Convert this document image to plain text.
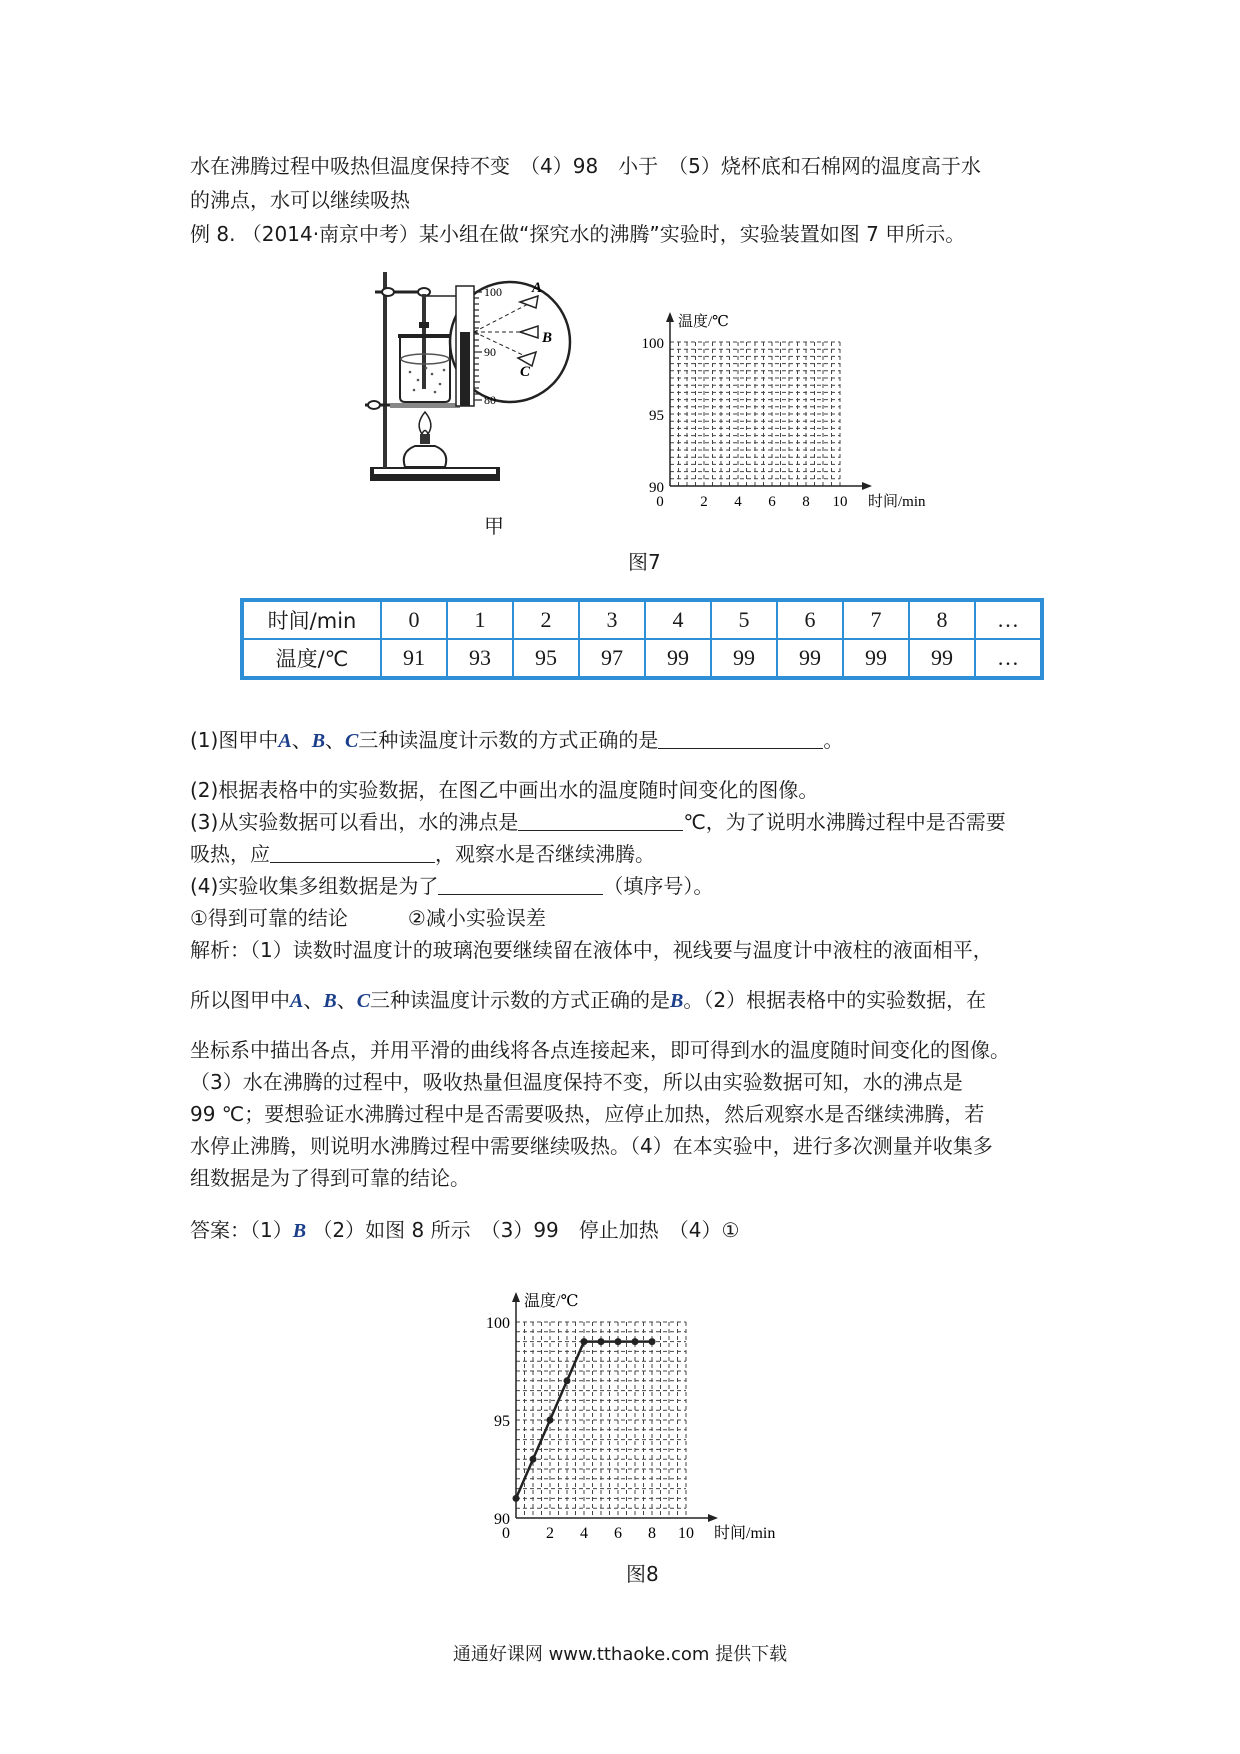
水在沸腾过程中吸热但温度保持不变　（4）98　小于　（5）烧杯底和石棉网的温度高于水
的沸点，水可以继续吸热
例 8. （2014·南京中考）某小组在做“探究水的沸腾”实验时，实验装置如图 7 甲所示。
100
90
80
A
B
C
甲
温度/℃
时间/min
100
95
90
0 2 4 6 8 10
图7
时间/min	0	1	2	3	4	5	6	7	8	…
温度/℃	91	93	95	97	99	99	99	99	99	…
(1)图甲中A、B、C三种读温度计示数的方式正确的是	。
(2)根据表格中的实验数据，在图乙中画出水的温度随时间变化的图像。
(3)从实验数据可以看出，水的沸点是	℃，为了说明水沸腾过程中是否需要
吸热，应	，观察水是否继续沸腾。
(4)实验收集多组数据是为了	（填序号）。
①得到可靠的结论　　　②减小实验误差
解析：（1）读数时温度计的玻璃泡要继续留在液体中，视线要与温度计中液柱的液面相平，
所以图甲中A、B、C三种读温度计示数的方式正确的是B。（2）根据表格中的实验数据，在
坐标系中描出各点，并用平滑的曲线将各点连接起来，即可得到水的温度随时间变化的图像。
（3）水在沸腾的过程中，吸收热量但温度保持不变，所以由实验数据可知，水的沸点是
99 ℃；要想验证水沸腾过程中是否需要吸热，应停止加热，然后观察水是否继续沸腾，若
水停止沸腾，则说明水沸腾过程中需要继续吸热。（4）在本实验中，进行多次测量并收集多
组数据是为了得到可靠的结论。
答案：（1）B （2）如图 8 所示　（3）99　停止加热　（4）①
温度/℃
时间/min
100
95
90
0 2 4 6 8 10
图8
通通好课网 www.tthaoke.com 提供下载
